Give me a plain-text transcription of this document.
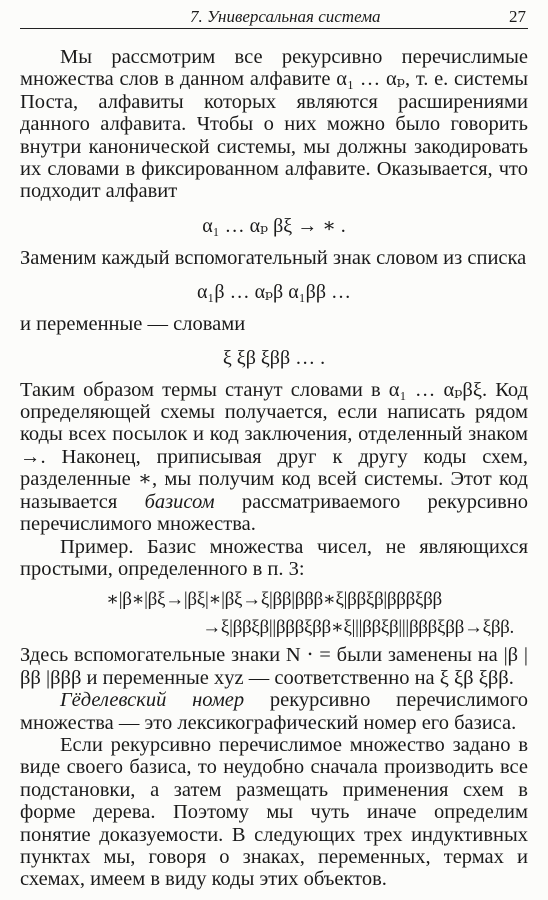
7. Универсальная система	27

Мы рассмотрим все рекурсивно перечислимые множества слов в данном алфавите α₁ … αₚ, т. е. системы Поста, алфавиты которых являются расширениями данного алфавита. Чтобы о них можно было говорить внутри канонической системы, мы должны закодировать их словами в фиксированном алфавите. Оказывается, что подходит алфавит

α₁ … αₚ βξ → ∗ .

Заменим каждый вспомогательный знак словом из списка

α₁β … αₚβ α₁ββ …

и переменные — словами

ξ ξβ ξββ … .

Таким образом термы станут словами в α₁ … αₚβξ. Код определяющей схемы получается, если написать рядом коды всех посылок и код заключения, отделенный знаком →. Наконец, приписывая друг к другу коды схем, разделенные ∗, мы получим код всей системы. Этот код называется базисом рассматриваемого рекурсивно перечислимого множества.

Пример. Базис множества чисел, не являющихся простыми, определенного в п. 3:

∗|β∗|βξ→|βξ|∗|βξ→ξ|ββ|βββ∗ξ|ββξβ|βββξββ
→ξ|ββξβ||βββξββ∗ξ|||ββξβ|||βββξββ→ξββ.

Здесь вспомогательные знаки N ⋅ = были заменены на |β |ββ |βββ и переменные xyz — соответственно на ξ ξβ ξββ.

Гёделевский номер рекурсивно перечислимого множества — это лексикографический номер его базиса.

Если рекурсивно перечислимое множество задано в виде своего базиса, то неудобно сначала производить все подстановки, а затем размещать применения схем в форме дерева. Поэтому мы чуть иначе определим понятие доказуемости. В следующих трех индуктивных пунктах мы, говоря о знаках, переменных, термах и схемах, имеем в виду коды этих объектов.
